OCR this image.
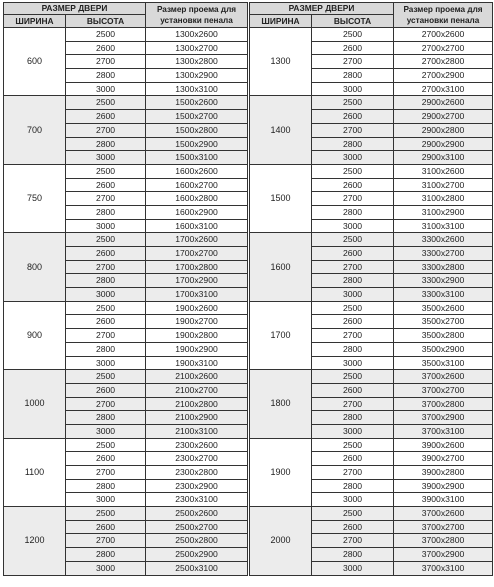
РАЗМЕР ДВЕРИ		Размер проема для
установки пенала
ШИРИНА	ВЫСОТА	
600	2500	1300x2600
	2600	1300x2700
	2700	1300x2800
	2800	1300x2900
	3000	1300x3100
700	2500	1500x2600
	2600	1500x2700
	2700	1500x2800
	2800	1500x2900
	3000	1500x3100
750	2500	1600x2600
	2600	1600x2700
	2700	1600x2800
	2800	1600x2900
	3000	1600x3100
800	2500	1700x2600
	2600	1700x2700
	2700	1700x2800
	2800	1700x2900
	3000	1700x3100
900	2500	1900x2600
	2600	1900x2700
	2700	1900x2800
	2800	1900x2900
	3000	1900x3100
1000	2500	2100x2600
	2600	2100x2700
	2700	2100x2800
	2800	2100x2900
	3000	2100x3100
1100	2500	2300x2600
	2600	2300x2700
	2700	2300x2800
	2800	2300x2900
	3000	2300x3100
1200	2500	2500x2600
	2600	2500x2700
	2700	2500x2800
	2800	2500x2900
	3000	2500x3100
РАЗМЕР ДВЕРИ		Размер проема для
установки пенала
ШИРИНА	ВЫСОТА	
1300	2500	2700x2600
	2600	2700x2700
	2700	2700x2800
	2800	2700x2900
	3000	2700x3100
1400	2500	2900x2600
	2600	2900x2700
	2700	2900x2800
	2800	2900x2900
	3000	2900x3100
1500	2500	3100x2600
	2600	3100x2700
	2700	3100x2800
	2800	3100x2900
	3000	3100x3100
1600	2500	3300x2600
	2600	3300x2700
	2700	3300x2800
	2800	3300x2900
	3000	3300x3100
1700	2500	3500x2600
	2600	3500x2700
	2700	3500x2800
	2800	3500x2900
	3000	3500x3100
1800	2500	3700x2600
	2600	3700x2700
	2700	3700x2800
	2800	3700x2900
	3000	3700x3100
1900	2500	3900x2600
	2600	3900x2700
	2700	3900x2800
	2800	3900x2900
	3000	3900x3100
2000	2500	3700x2600
	2600	3700x2700
	2700	3700x2800
	2800	3700x2900
	3000	3700x3100
